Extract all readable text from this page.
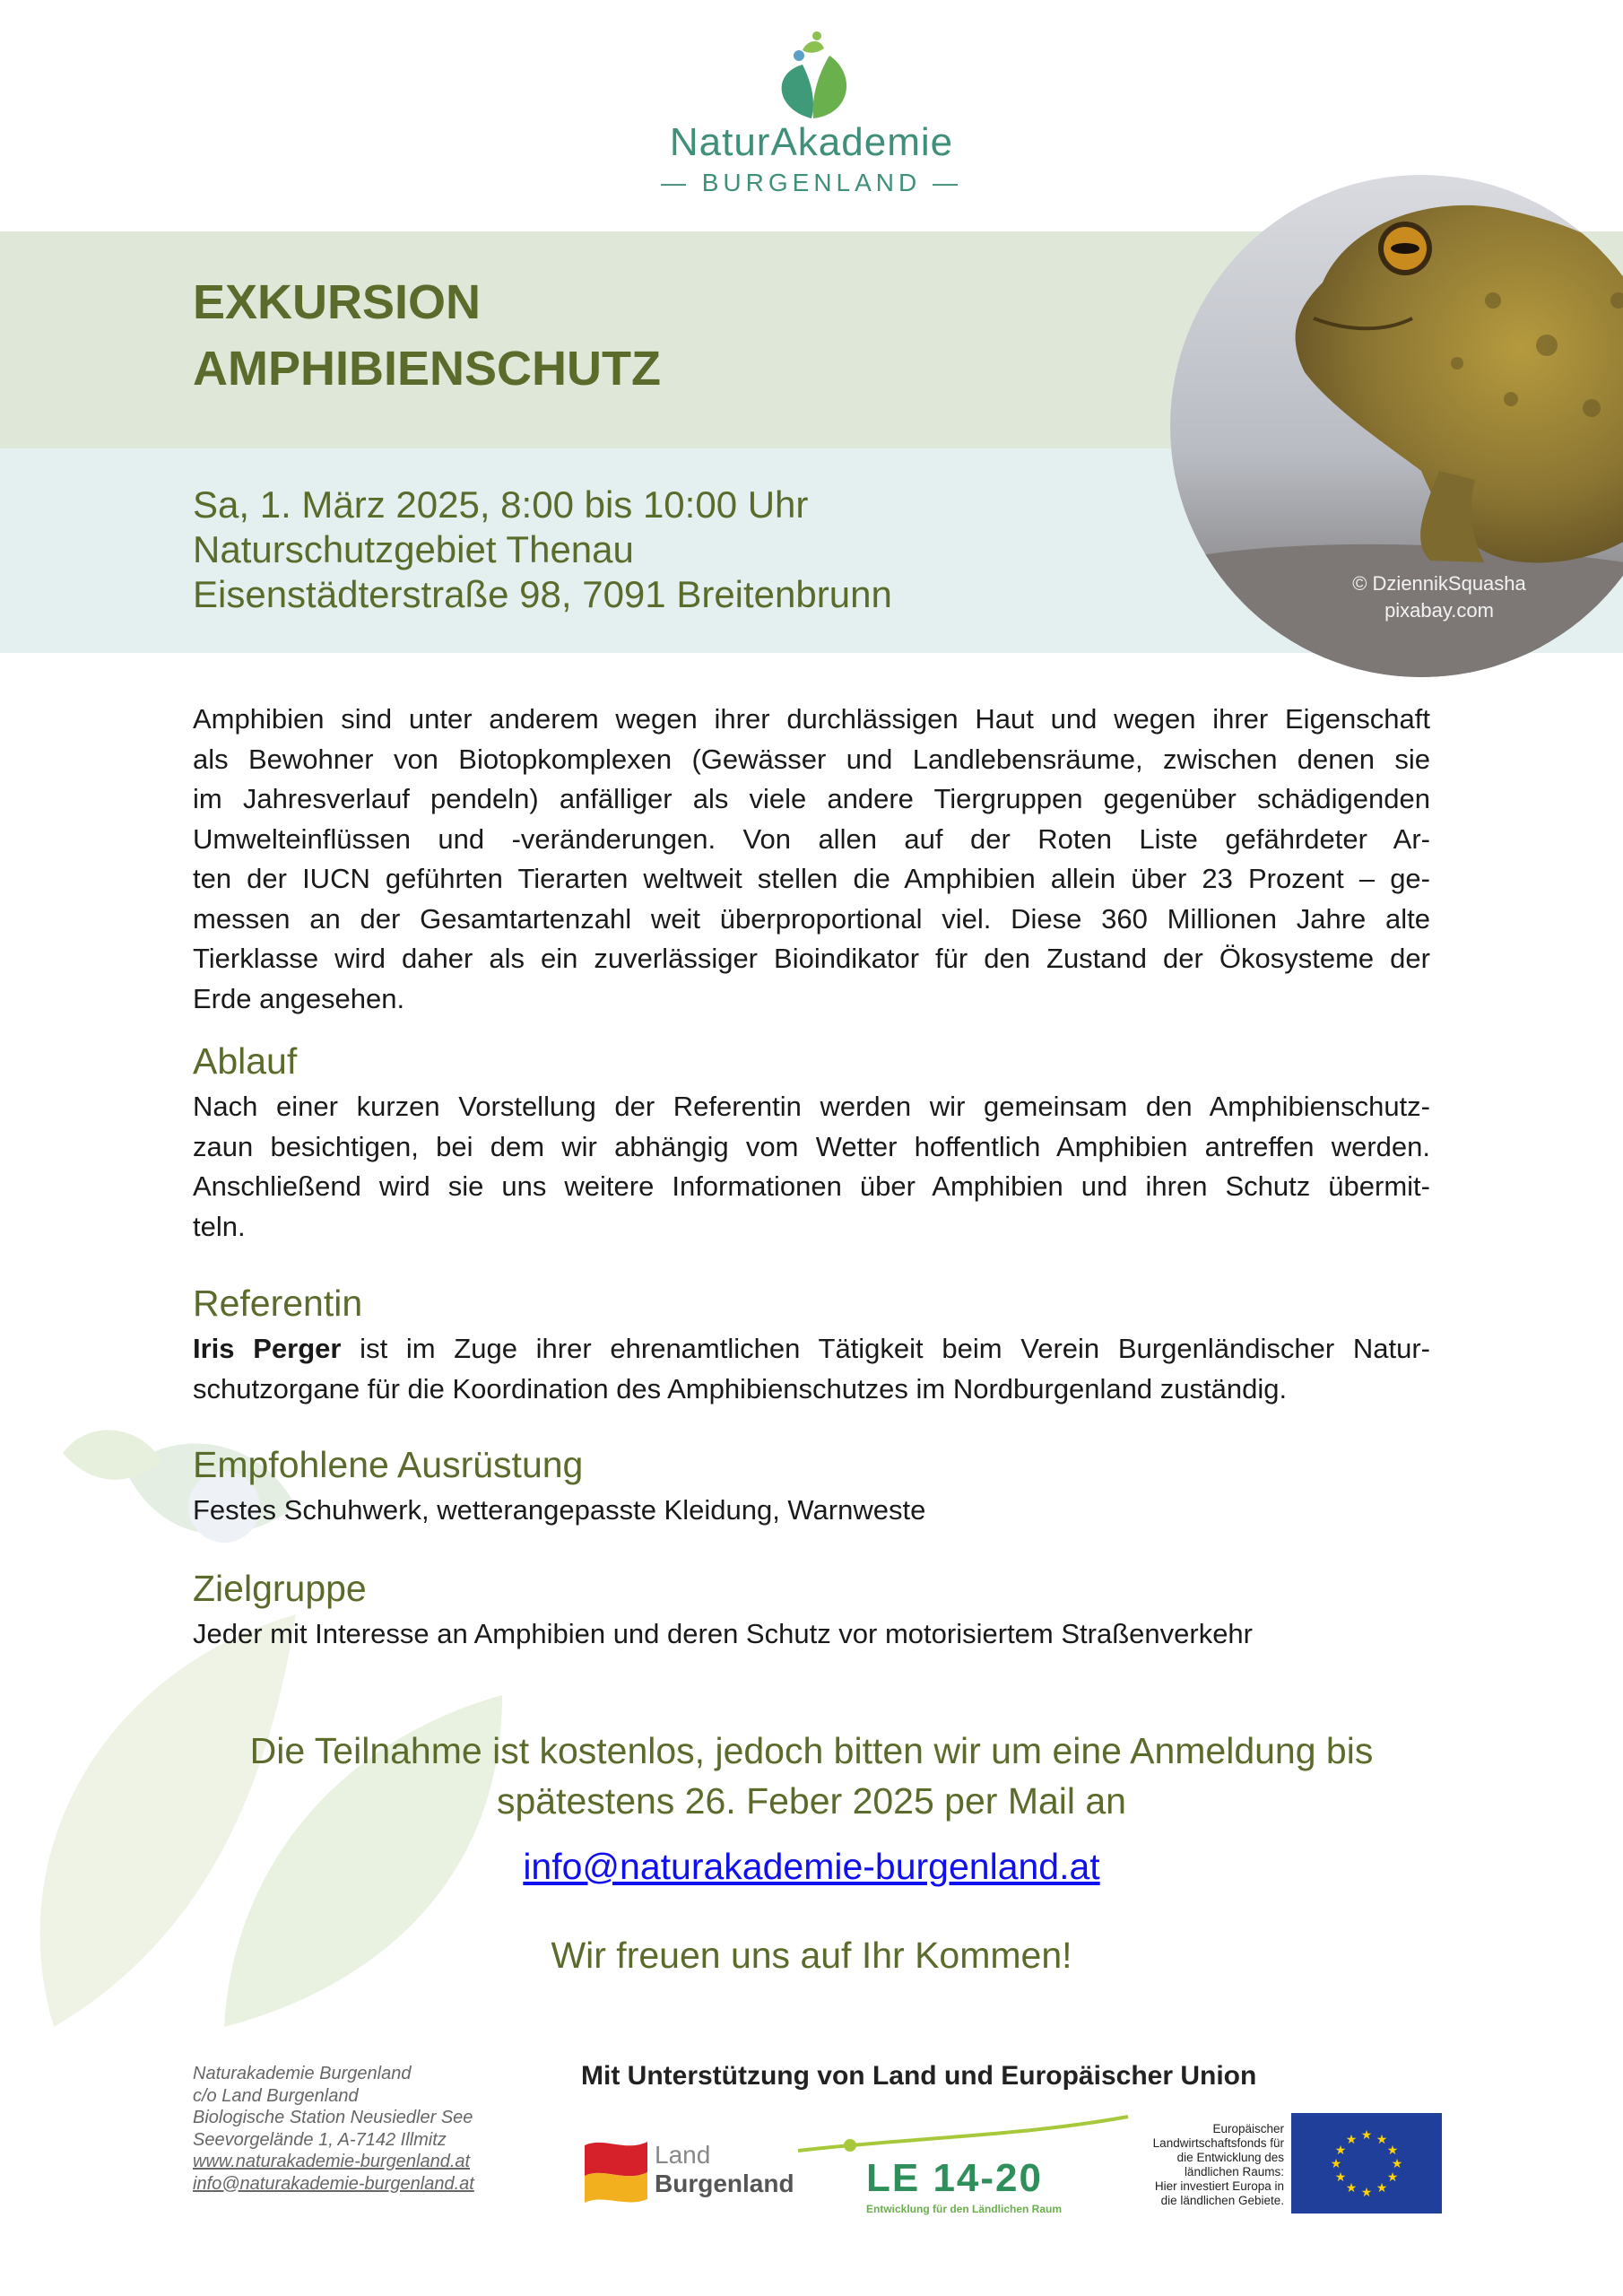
NaturAkademie
— BURGENLAND —
EXKURSION
AMPHIBIENSCHUTZ
Sa, 1. März 2025, 8:00 bis 10:00 Uhr
Naturschutzgebiet Thenau
Eisenstädterstraße 98, 7091 Breitenbrunn	© DziennikSquasha
pixabay.com
Amphibien sind unter anderem wegen ihrer durchlässigen Haut und wegen ihrer Eigenschaft
als Bewohner von Biotopkomplexen (Gewässer und Landlebensräume, zwischen denen sie
im Jahresverlauf pendeln) anfälliger als viele andere Tiergruppen gegenüber schädigenden
Umwelteinflüssen und -veränderungen. Von allen auf der Roten Liste gefährdeter Ar-
ten der IUCN geführten Tierarten weltweit stellen die Amphibien allein über 23 Prozent – ge-
messen an der Gesamtartenzahl weit überproportional viel. Diese 360 Millionen Jahre alte
Tierklasse wird daher als ein zuverlässiger Bioindikator für den Zustand der Ökosysteme der
Erde angesehen.
Ablauf
Nach einer kurzen Vorstellung der Referentin werden wir gemeinsam den Amphibienschutz-
zaun besichtigen, bei dem wir abhängig vom Wetter hoffentlich Amphibien antreffen werden.
Anschließend wird sie uns weitere Informationen über Amphibien und ihren Schutz übermit-
teln.
Referentin
Iris Perger ist im Zuge ihrer ehrenamtlichen Tätigkeit beim Verein Burgenländischer Natur-
schutzorgane für die Koordination des Amphibienschutzes im Nordburgenland zuständig.
Empfohlene Ausrüstung
Festes Schuhwerk, wetterangepasste Kleidung, Warnweste
Zielgruppe
Jeder mit Interesse an Amphibien und deren Schutz vor motorisiertem Straßenverkehr
Die Teilnahme ist kostenlos, jedoch bitten wir um eine Anmeldung bis
spätestens 26. Feber 2025 per Mail an
info@naturakademie-burgenland.at
Wir freuen uns auf Ihr Kommen!
Naturakademie Burgenland
c/o Land Burgenland
Biologische Station Neusiedler See
Seevorgelände 1, A-7142 Illmitz
www.naturakademie-burgenland.at
info@naturakademie-burgenland.at
Mit Unterstützung von Land und Europäischer Union
Land
Burgenland LE 14-20
Entwicklung für den Ländlichen Raum
Europäischer
Landwirtschaftsfonds für
die Entwicklung des
ländlichen Raums:
Hier investiert Europa in
die ländlichen Gebiete.
★ ★
★
★
★
★
★
★
★
★
★
★
